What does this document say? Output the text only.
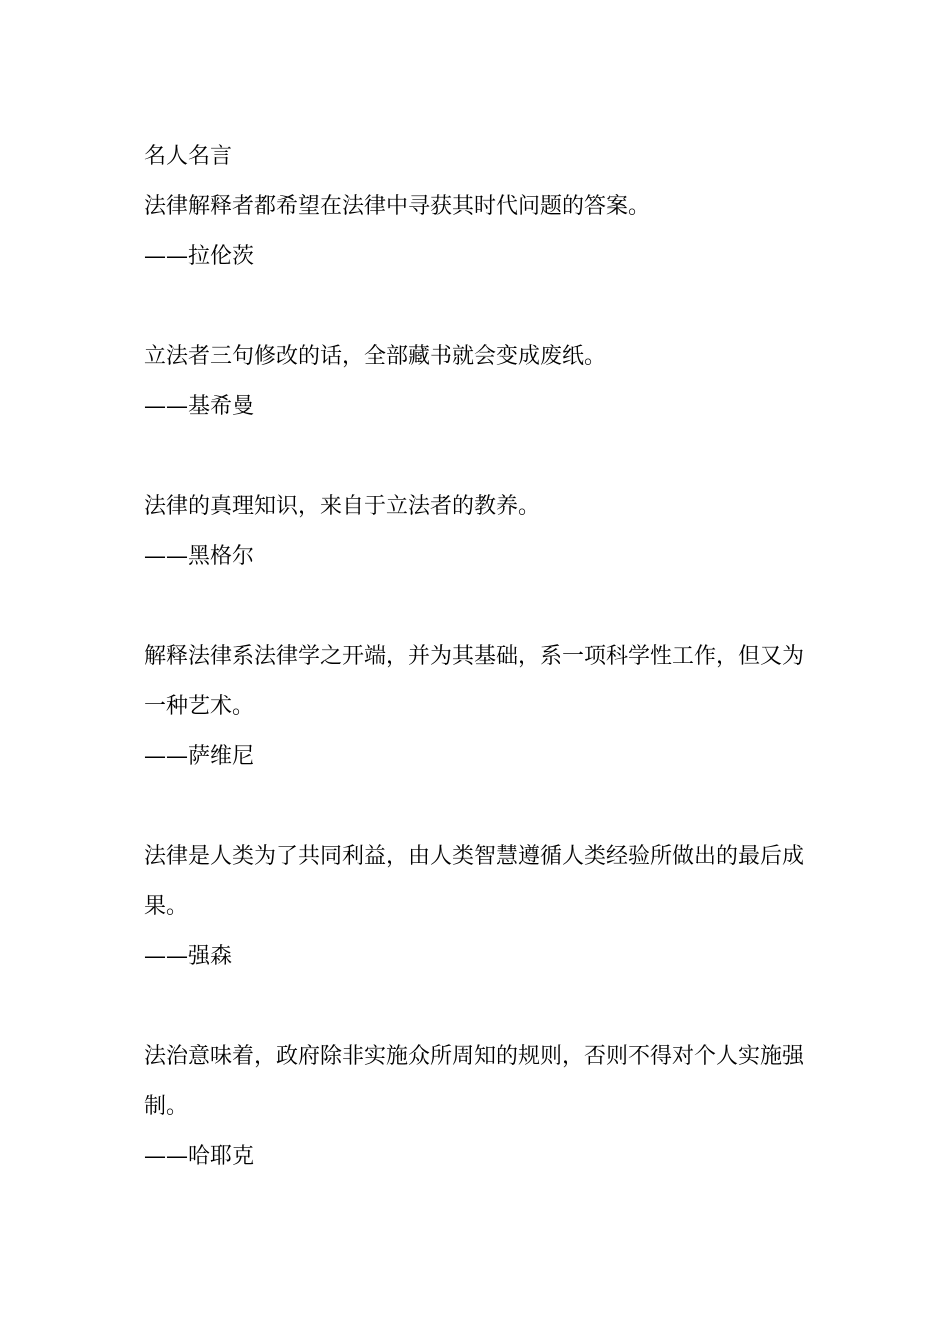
名人名言

法律解释者都希望在法律中寻获其时代问题的答案。

——拉伦茨

立法者三句修改的话，全部藏书就会变成废纸。

——基希曼

法律的真理知识，来自于立法者的教养。

——黑格尔

解释法律系法律学之开端，并为其基础，系一项科学性工作，但又为一种艺术。

——萨维尼

法律是人类为了共同利益，由人类智慧遵循人类经验所做出的最后成果。

——强森

法治意味着，政府除非实施众所周知的规则，否则不得对个人实施强制。

——哈耶克
